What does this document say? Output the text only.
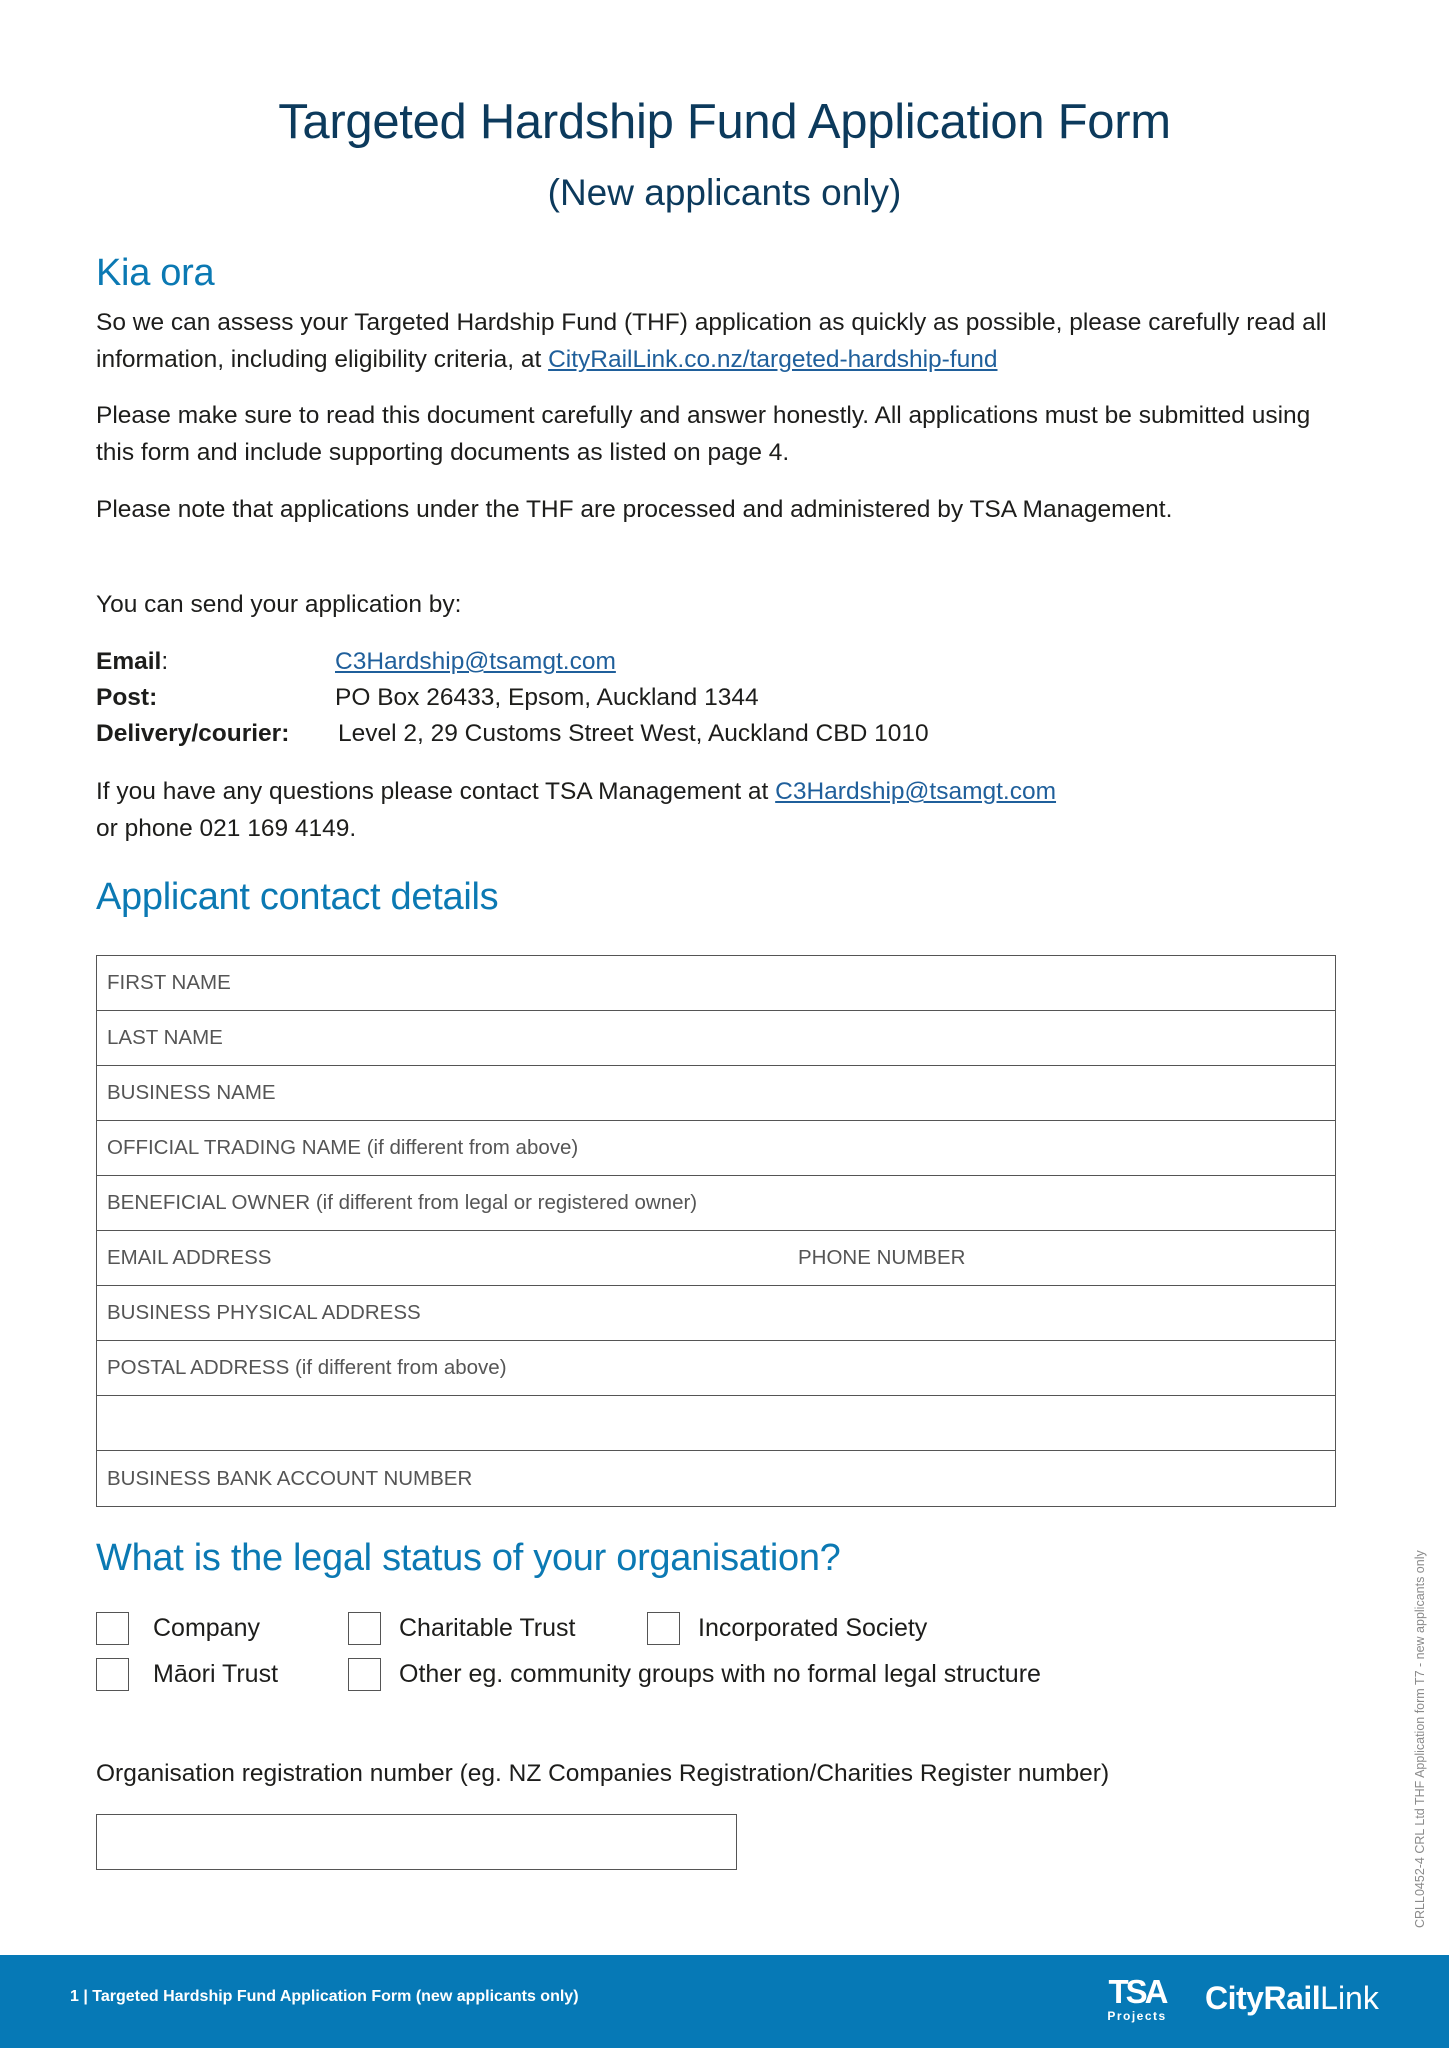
Targeted Hardship Fund Application Form
(New applicants only)
Kia ora

So we can assess your Targeted Hardship Fund (THF) application as quickly as possible, please carefully read all information, including eligibility criteria, at CityRailLink.co.nz/targeted-hardship-fund

Please make sure to read this document carefully and answer honestly. All applications must be submitted using this form and include supporting documents as listed on page 4.

Please note that applications under the THF are processed and administered by TSA Management.

You can send your application by:

Email:	C3Hardship@tsamgt.com
Post:	PO Box 26433, Epsom, Auckland 1344
Delivery/courier: Level 2, 29 Customs Street West, Auckland CBD 1010

If you have any questions please contact TSA Management at C3Hardship@tsamgt.com
or phone 021 169 4149.

Applicant contact details
FIRST NAME
LAST NAME
BUSINESS NAME
OFFICIAL TRADING NAME (if different from above)
BENEFICIAL OWNER (if different from legal or registered owner)
EMAIL ADDRESS	PHONE NUMBER
BUSINESS PHYSICAL ADDRESS
POSTAL ADDRESS (if different from above)
BUSINESS BANK ACCOUNT NUMBER
What is the legal status of your organisation?
Company	Charitable Trust	Incorporated Society
Māori Trust	Other eg. community groups with no formal legal structure

Organisation registration number (eg. NZ Companies Registration/Charities Register number)	CRLL0452-4 CRL Ltd THF Application form T7 - new applicants only
1 | Targeted Hardship Fund Application Form (new applicants only)	TSA
Projects CityRailLink
